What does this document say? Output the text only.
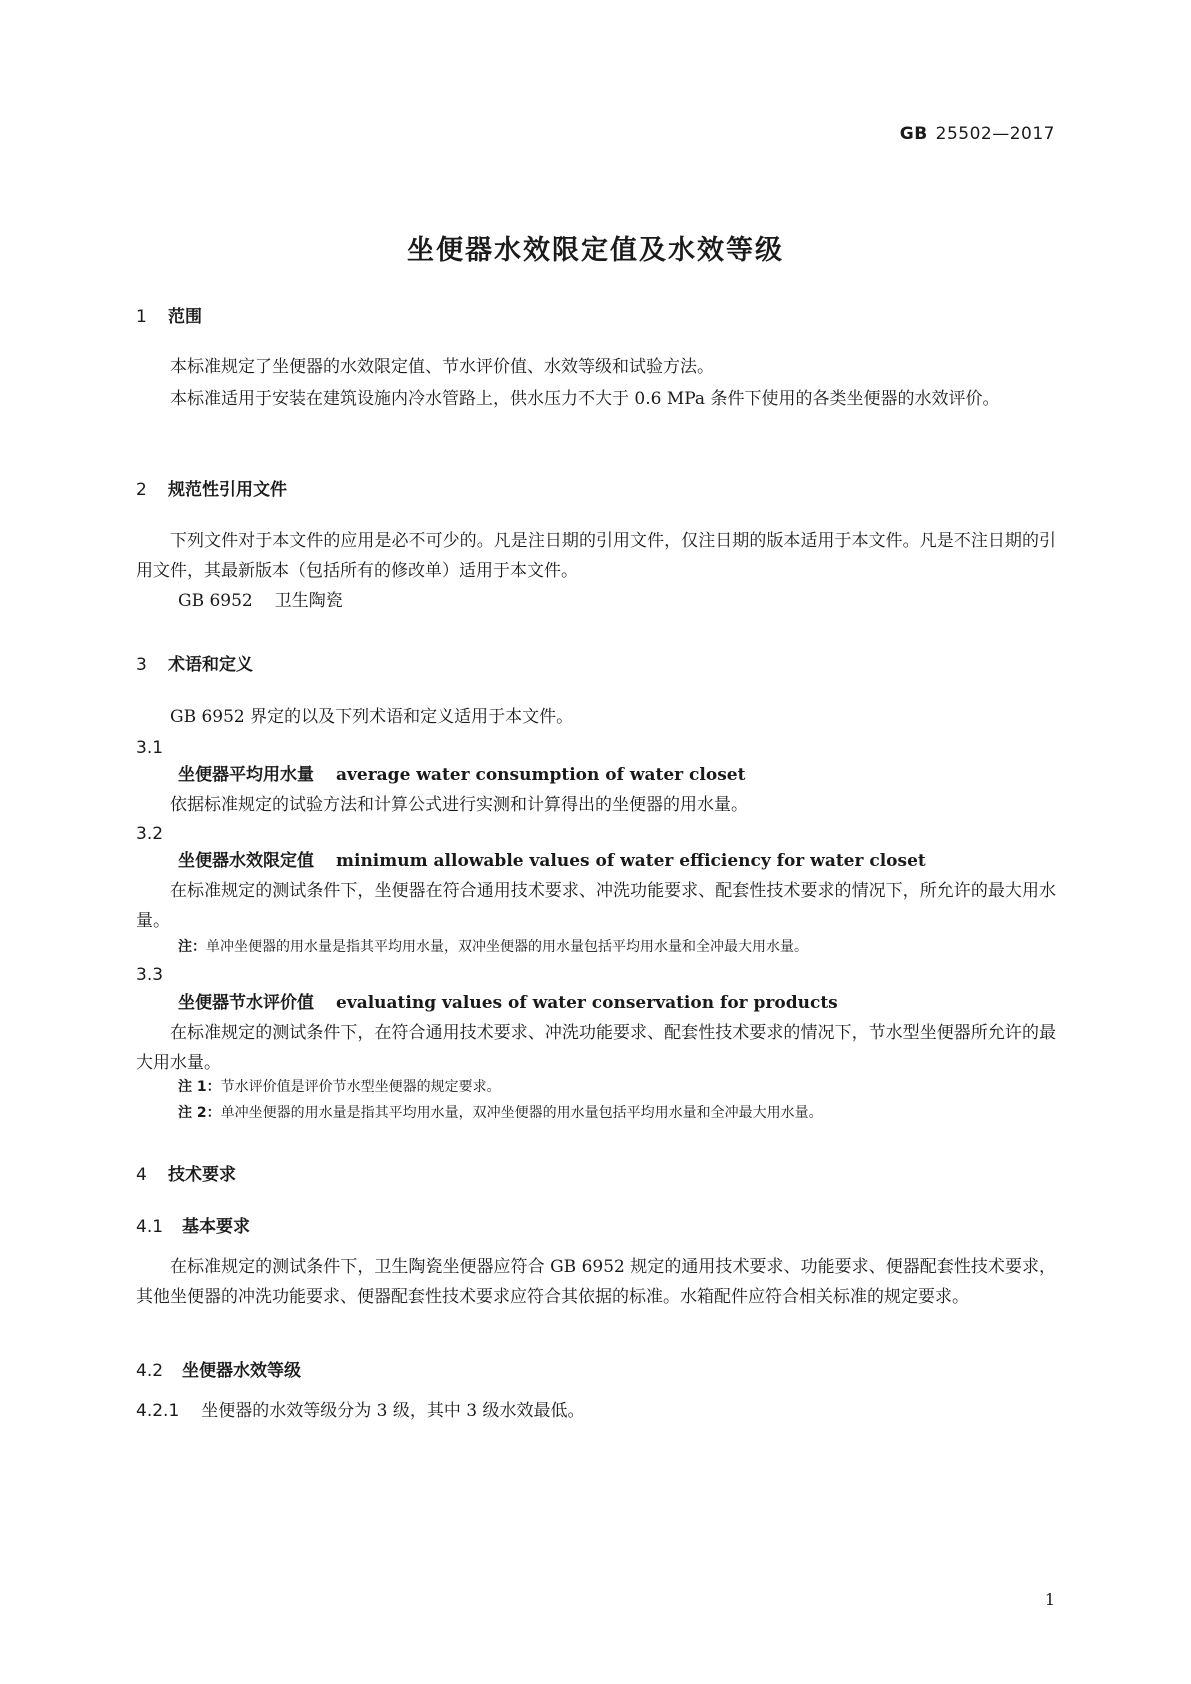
GB 25502—2017
坐便器水效限定值及水效等级
1 范围
本标准规定了坐便器的水效限定值、节水评价值、水效等级和试验方法。
本标准适用于安装在建筑设施内冷水管路上，供水压力不大于 0.6 MPa 条件下使用的各类坐便器的水效评价。
2 规范性引用文件
下列文件对于本文件的应用是必不可少的。凡是注日期的引用文件，仅注日期的版本适用于本文件。凡是不注日期的引用文件，其最新版本（包括所有的修改单）适用于本文件。
GB 6952 卫生陶瓷
3 术语和定义
GB 6952 界定的以及下列术语和定义适用于本文件。
3.1
坐便器平均用水量 average water consumption of water closet
依据标准规定的试验方法和计算公式进行实测和计算得出的坐便器的用水量。
3.2
坐便器水效限定值 minimum allowable values of water efficiency for water closet
在标准规定的测试条件下，坐便器在符合通用技术要求、冲洗功能要求、配套性技术要求的情况下，所允许的最大用水量。
注：单冲坐便器的用水量是指其平均用水量，双冲坐便器的用水量包括平均用水量和全冲最大用水量。
3.3
坐便器节水评价值 evaluating values of water conservation for products
在标准规定的测试条件下，在符合通用技术要求、冲洗功能要求、配套性技术要求的情况下，节水型坐便器所允许的最大用水量。
注 1：节水评价值是评价节水型坐便器的规定要求。
注 2：单冲坐便器的用水量是指其平均用水量，双冲坐便器的用水量包括平均用水量和全冲最大用水量。
4 技术要求
4.1 基本要求
在标准规定的测试条件下，卫生陶瓷坐便器应符合 GB 6952 规定的通用技术要求、功能要求、便器配套性技术要求，其他坐便器的冲洗功能要求、便器配套性技术要求应符合其依据的标准。水箱配件应符合相关标准的规定要求。
4.2 坐便器水效等级
4.2.1 坐便器的水效等级分为 3 级，其中 3 级水效最低。
1
